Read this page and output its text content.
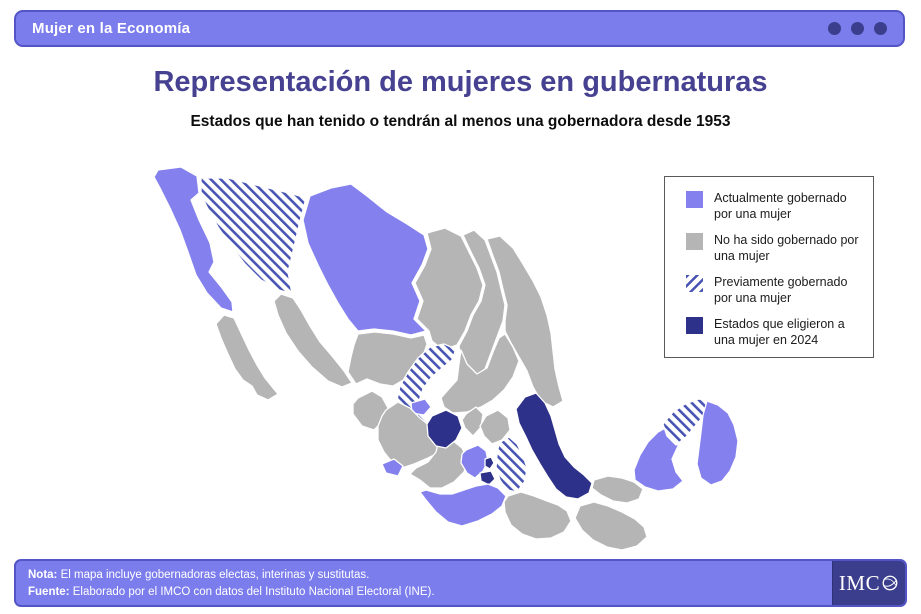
Mujer en la Economía
Representación de mujeres en gubernaturas
Estados que han tenido o tendrán al menos una gobernadora desde 1953
Actualmente gobernado por una mujer
No ha sido gobernado por una mujer
Previamente gobernado por una mujer
Estados que eligieron a una mujer en 2024
Nota: El mapa incluye gobernadoras electas, interinas y sustitutas.
Fuente: Elaborado por el IMCO con datos del Instituto Nacional Electoral (INE).	IMC
